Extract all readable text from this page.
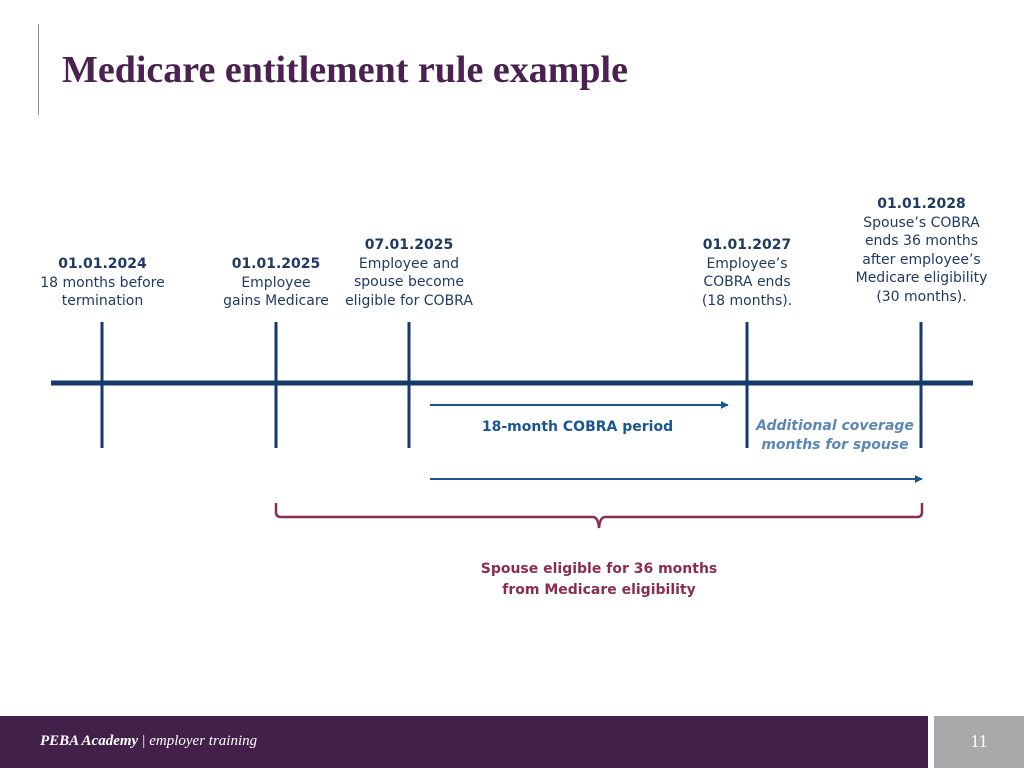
Medicare entitlement rule example
01.01.2024
18 months before
termination
01.01.2025
Employee
gains Medicare
07.01.2025
Employee and
spouse become
eligible for COBRA
01.01.2027
Employee’s
COBRA ends
(18 months).
01.01.2028
Spouse’s COBRA
ends 36 months
after employee’s
Medicare eligibility
(30 months).
18-month COBRA period	Additional coverage
months for spouse
Spouse eligible for 36 months
from Medicare eligibility
PEBA Academy | employer training	11
